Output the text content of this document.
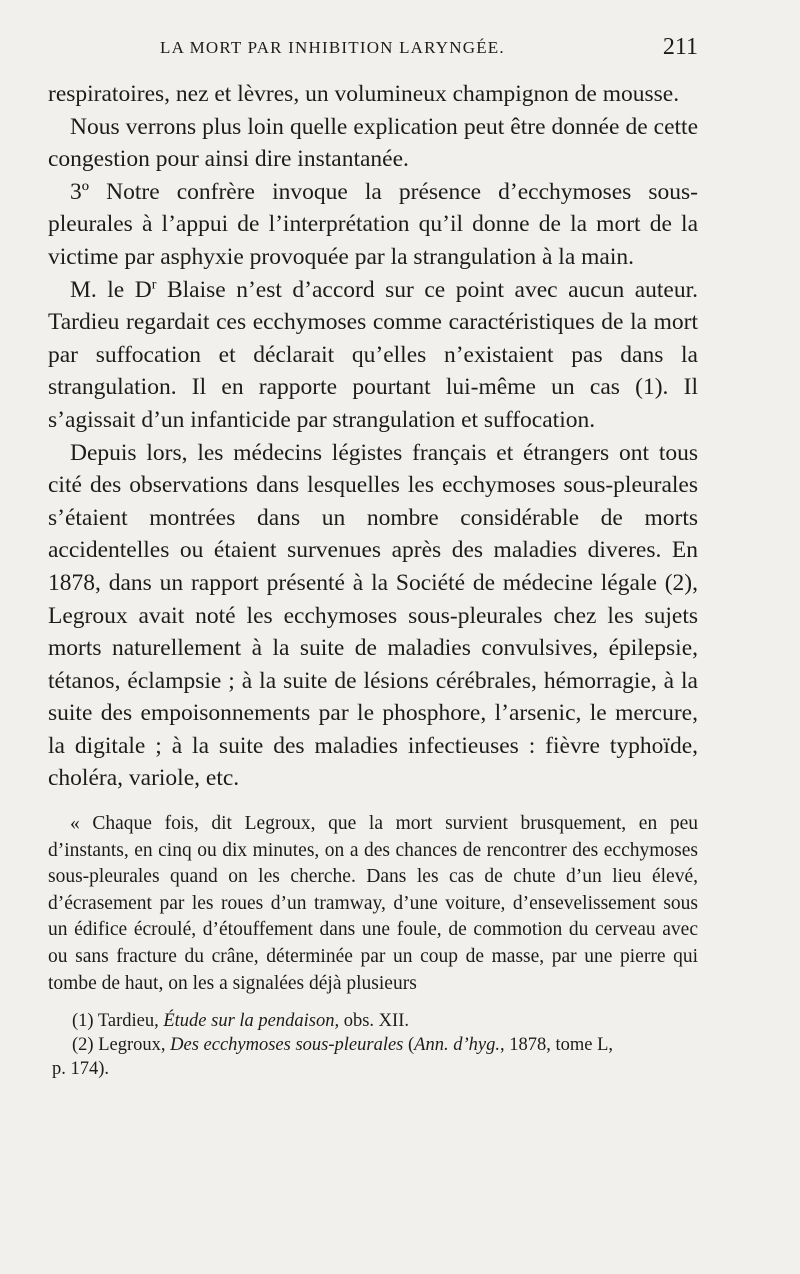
LA MORT PAR INHIBITION LARYNGÉE.	211

respiratoires, nez et lèvres, un volumineux champignon de mousse.

Nous verrons plus loin quelle explication peut être donnée de cette congestion pour ainsi dire instantanée.

3º Notre confrère invoque la présence d’ecchymoses sous-pleurales à l’appui de l’interprétation qu’il donne de la mort de la victime par asphyxie provoquée par la strangulation à la main.

M. le $D^r$ Blaise n’est d’accord sur ce point avec aucun auteur. Tardieu regardait ces ecchymoses comme caractéristiques de la mort par suffocation et déclarait qu’elles n’existaient pas dans la strangulation. Il en rapporte pourtant lui-même un cas (1). Il s’agissait d’un infanticide par strangulation et suffocation.

Depuis lors, les médecins légistes français et étrangers ont tous cité des observations dans lesquelles les ecchymoses sous-pleurales s’étaient montrées dans un nombre considérable de morts accidentelles ou étaient survenues après des maladies diveres. En 1878, dans un rapport présenté à la Société de médecine légale (2), Legroux avait noté les ecchymoses sous-pleurales chez les sujets morts naturellement à la suite de maladies convulsives, épilepsie, tétanos, éclampsie ; à la suite de lésions cérébrales, hémorragie, à la suite des empoisonnements par le phosphore, l’arsenic, le mercure, la digitale ; à la suite des maladies infectieuses : fièvre typhoïde, choléra, variole, etc.

« Chaque fois, dit Legroux, que la mort survient brusquement, en peu d’instants, en cinq ou dix minutes, on a des chances de rencontrer des ecchymoses sous-pleurales quand on les cherche. Dans les cas de chute d’un lieu élevé, d’écrasement par les roues d’un tramway, d’une voiture, d’ensevelissement sous un édifice écroulé, d’étouffement dans une foule, de commotion du cerveau avec ou sans fracture du crâne, déterminée par un coup de masse, par une pierre qui tombe de haut, on les a signalées déjà plusieurs

(1) Tardieu, Étude sur la pendaison, obs. XII.

(2) Legroux, Des ecchymoses sous-pleurales (Ann. d’hyg., 1878, tome L,

p. 174).
